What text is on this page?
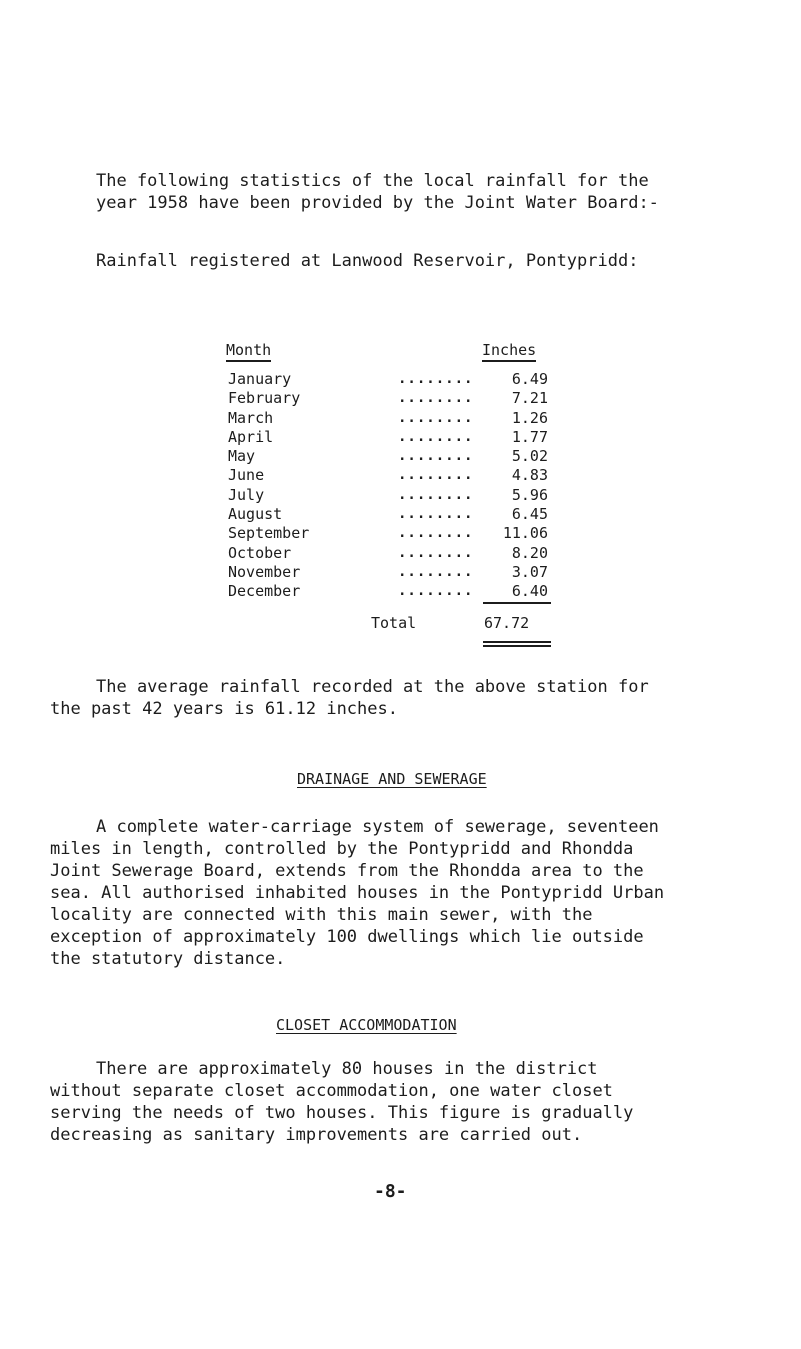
The following statistics of the local rainfall for the
year 1958 have been provided by the Joint Water Board:-

Rainfall registered at Lanwood Reservoir, Pontypridd:

Month	Inches
January	........	6.49
February	........	7.21
March	........	1.26
April	........	1.77
May	........	5.02
June	........	4.83
July	........	5.96
August	........	6.45
September	........ 11.06
October	........	8.20
November	........	3.07
December	........	6.40
Total	67.72

The average rainfall recorded at the above station for
the past 42 years is 61.12 inches.

DRAINAGE AND SEWERAGE

A complete water-carriage system of sewerage, seventeen
miles in length, controlled by the Pontypridd and Rhondda
Joint Sewerage Board, extends from the Rhondda area to the
sea. All authorised inhabited houses in the Pontypridd Urban
locality are connected with this main sewer, with the
exception of approximately 100 dwellings which lie outside
the statutory distance.

CLOSET ACCOMMODATION

There are approximately 80 houses in the district
without separate closet accommodation, one water closet
serving the needs of two houses. This figure is gradually
decreasing as sanitary improvements are carried out.

-8-
